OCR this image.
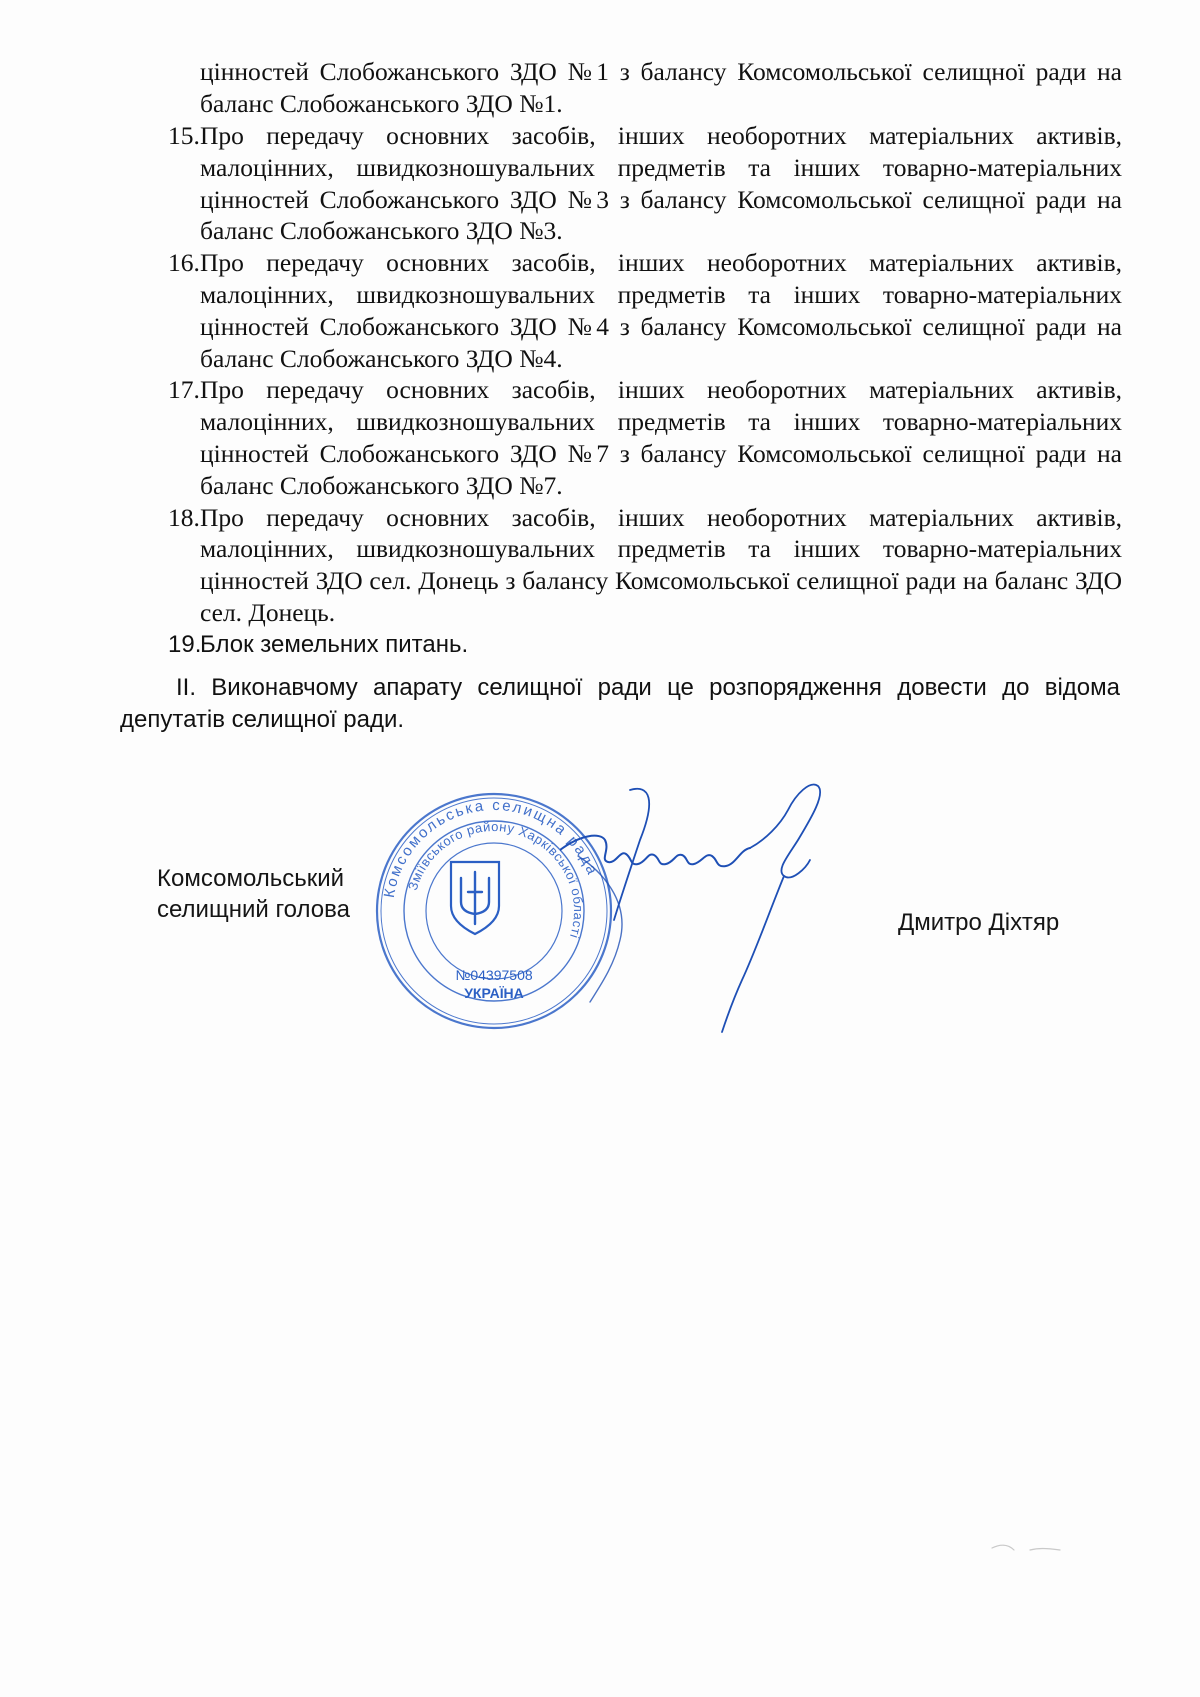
цінностей Слобожанського ЗДО №1 з балансу Комсомольської селищної ради на баланс Слобожанського ЗДО №1.
15. Про передачу основних засобів, інших необоротних матеріальних активів, малоцінних, швидкозношувальних предметів та інших товарно-матеріальних цінностей Слобожанського ЗДО №3 з балансу Комсомольської селищної ради на баланс Слобожанського ЗДО №3.
16. Про передачу основних засобів, інших необоротних матеріальних активів, малоцінних, швидкозношувальних предметів та інших товарно-матеріальних цінностей Слобожанського ЗДО №4 з балансу Комсомольської селищної ради на баланс Слобожанського ЗДО №4.
17. Про передачу основних засобів, інших необоротних матеріальних активів, малоцінних, швидкозношувальних предметів та інших товарно-матеріальних цінностей Слобожанського ЗДО №7 з балансу Комсомольської селищної ради на баланс Слобожанського ЗДО №7.
18. Про передачу основних засобів, інших необоротних матеріальних активів, малоцінних, швидкозношувальних предметів та інших товарно-матеріальних цінностей ЗДО сел. Донець з балансу Комсомольської селищної ради на баланс ЗДО сел. Донець.
19.
Блок земельних питань.
ІІ. Виконавчому апарату селищної ради це розпорядження довести до відома депутатів селищної ради.
Комсомольський
селищний голова	Дмитро Діхтяр
Комсомольська селищна рада
Зміївського району Харківської області
№04397508
УКРАЇНА
